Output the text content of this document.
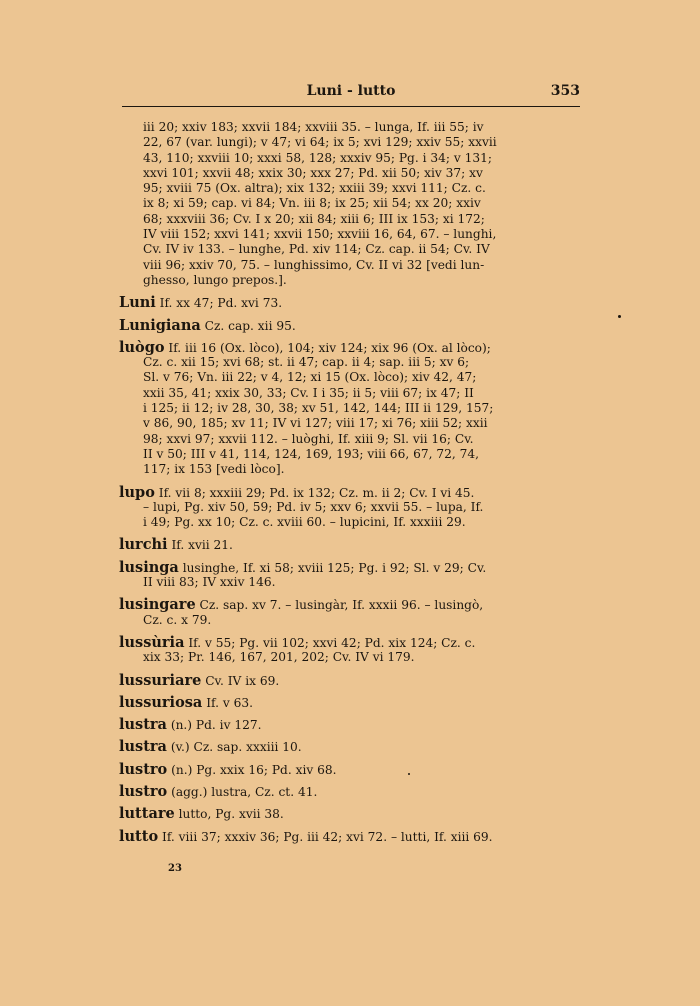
Luni - lutto	353
iii 20; xxiv 183; xxvii 184; xxviii 35. – lunga, If. iii 55; iv
22, 67 (var. lungi); v 47; vi 64; ix 5; xvi 129; xxiv 55; xxvii
43, 110; xxviii 10; xxxi 58, 128; xxxiv 95; Pg. i 34; v 131;
xxvi 101; xxvii 48; xxix 30; xxx 27; Pd. xii 50; xiv 37; xv
95; xviii 75 (Ox. altra); xix 132; xxiii 39; xxvi 111; Cz. c.
ix 8; xi 59; cap. vi 84; Vn. iii 8; ix 25; xii 54; xx 20; xxiv
68; xxxviii 36; Cv. I x 20; xii 84; xiii 6; III ix 153; xi 172;
IV viii 152; xxvi 141; xxvii 150; xxviii 16, 64, 67. – lunghi,
Cv. IV iv 133. – lunghe, Pd. xiv 114; Cz. cap. ii 54; Cv. IV
viii 96; xxiv 70, 75. – lunghissimo, Cv. II vi 32 [vedi lun-
ghesso, lungo prepos.].
Luni If. xx 47; Pd. xvi 73.
Lunigiana Cz. cap. xii 95.
luògo If. iii 16 (Ox. lòco), 104; xiv 124; xix 96 (Ox. al lòco);
Cz. c. xii 15; xvi 68; st. ii 47; cap. ii 4; sap. iii 5; xv 6;
Sl. v 76; Vn. iii 22; v 4, 12; xi 15 (Ox. lòco); xiv 42, 47;
xxii 35, 41; xxix 30, 33; Cv. I i 35; ii 5; viii 67; ix 47; II
i 125; ii 12; iv 28, 30, 38; xv 51, 142, 144; III ii 129, 157;
v 86, 90, 185; xv 11; IV vi 127; viii 17; xi 76; xiii 52; xxii
98; xxvi 97; xxvii 112. – luòghi, If. xiii 9; Sl. vii 16; Cv.
II v 50; III v 41, 114, 124, 169, 193; viii 66, 67, 72, 74,
117; ix 153 [vedi lòco].
lupo If. vii 8; xxxiii 29; Pd. ix 132; Cz. m. ii 2; Cv. I vi 45.
– lupi, Pg. xiv 50, 59; Pd. iv 5; xxv 6; xxvii 55. – lupa, If.
i 49; Pg. xx 10; Cz. c. xviii 60. – lupicini, If. xxxiii 29.
lurchi If. xvii 21.
lusinga lusinghe, If. xi 58; xviii 125; Pg. i 92; Sl. v 29; Cv.
II viii 83; IV xxiv 146.
lusingare Cz. sap. xv 7. – lusingàr, If. xxxii 96. – lusingò,
Cz. c. x 79.
lussùria If. v 55; Pg. vii 102; xxvi 42; Pd. xix 124; Cz. c.
xix 33; Pr. 146, 167, 201, 202; Cv. IV vi 179.
lussuriare Cv. IV ix 69.
lussuriosa If. v 63.
lustra (n.) Pd. iv 127.
lustra (v.) Cz. sap. xxxiii 10.
lustro (n.) Pg. xxix 16; Pd. xiv 68.
lustro (agg.) lustra, Cz. ct. 41.
luttare lutto, Pg. xvii 38.
lutto If. viii 37; xxxiv 36; Pg. iii 42; xvi 72. – lutti, If. xiii 69.
23
